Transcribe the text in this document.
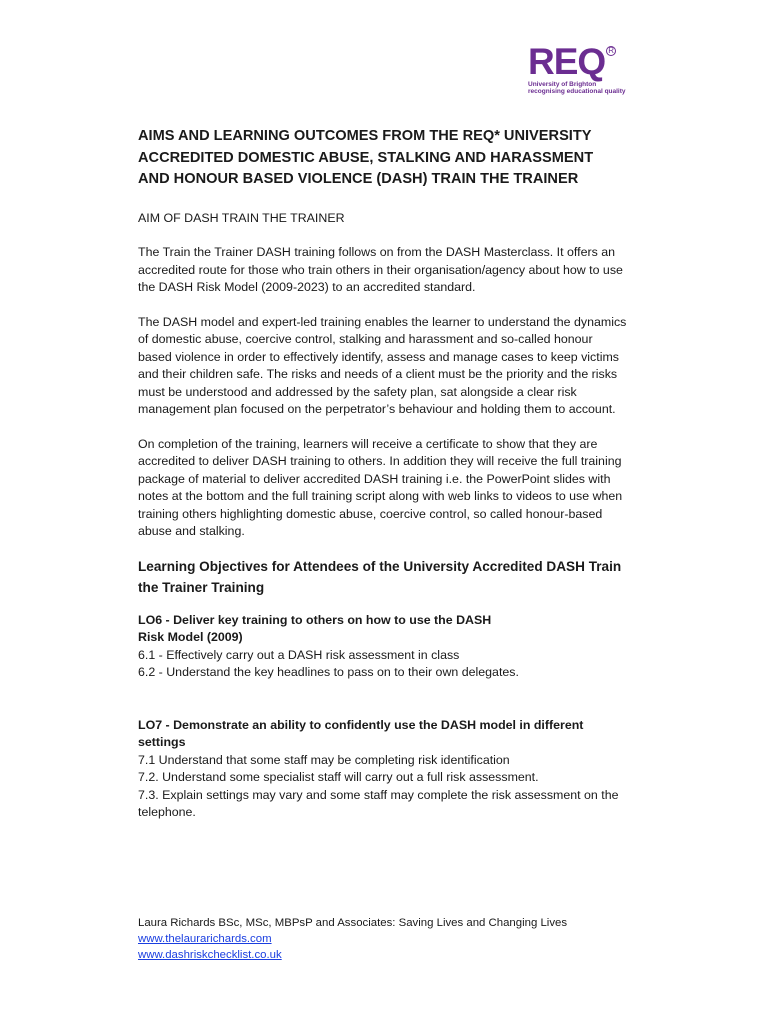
REQ R
University of Brighton recognising educational quality
AIMS AND LEARNING OUTCOMES FROM THE REQ* UNIVERSITY ACCREDITED DOMESTIC ABUSE, STALKING AND HARASSMENT AND HONOUR BASED VIOLENCE (DASH) TRAIN THE TRAINER

AIM OF DASH TRAIN THE TRAINER

The Train the Trainer DASH training follows on from the DASH Masterclass. It offers an accredited route for those who train others in their organisation/agency about how to use the DASH Risk Model (2009-2023) to an accredited standard.

The DASH model and expert-led training enables the learner to understand the dynamics of domestic abuse, coercive control, stalking and harassment and so-called honour based violence in order to effectively identify, assess and manage cases to keep victims and their children safe. The risks and needs of a client must be the priority and the risks must be understood and addressed by the safety plan, sat alongside a clear risk management plan focused on the perpetrator’s behaviour and holding them to account.

On completion of the training, learners will receive a certificate to show that they are accredited to deliver DASH training to others. In addition they will receive the full training package of material to deliver accredited DASH training i.e. the PowerPoint slides with notes at the bottom and the full training script along with web links to videos to use when training others highlighting domestic abuse, coercive control, so called honour-based abuse and stalking.

Learning Objectives for Attendees of the University Accredited DASH Train the Trainer Training
LO6 - Deliver key training to others on how to use the DASH
Risk Model (2009)
6.1 - Effectively carry out a DASH risk assessment in class
6.2 - Understand the key headlines to pass on to their own delegates.
LO7 - Demonstrate an ability to confidently use the DASH model in different settings
7.1 Understand that some staff may be completing risk identification
7.2. Understand some specialist staff will carry out a full risk assessment.
7.3. Explain settings may vary and some staff may complete the risk assessment on the telephone.
Laura Richards BSc, MSc, MBPsP and Associates: Saving Lives and Changing Lives
www.thelaurarichards.com
www.dashriskchecklist.co.uk
